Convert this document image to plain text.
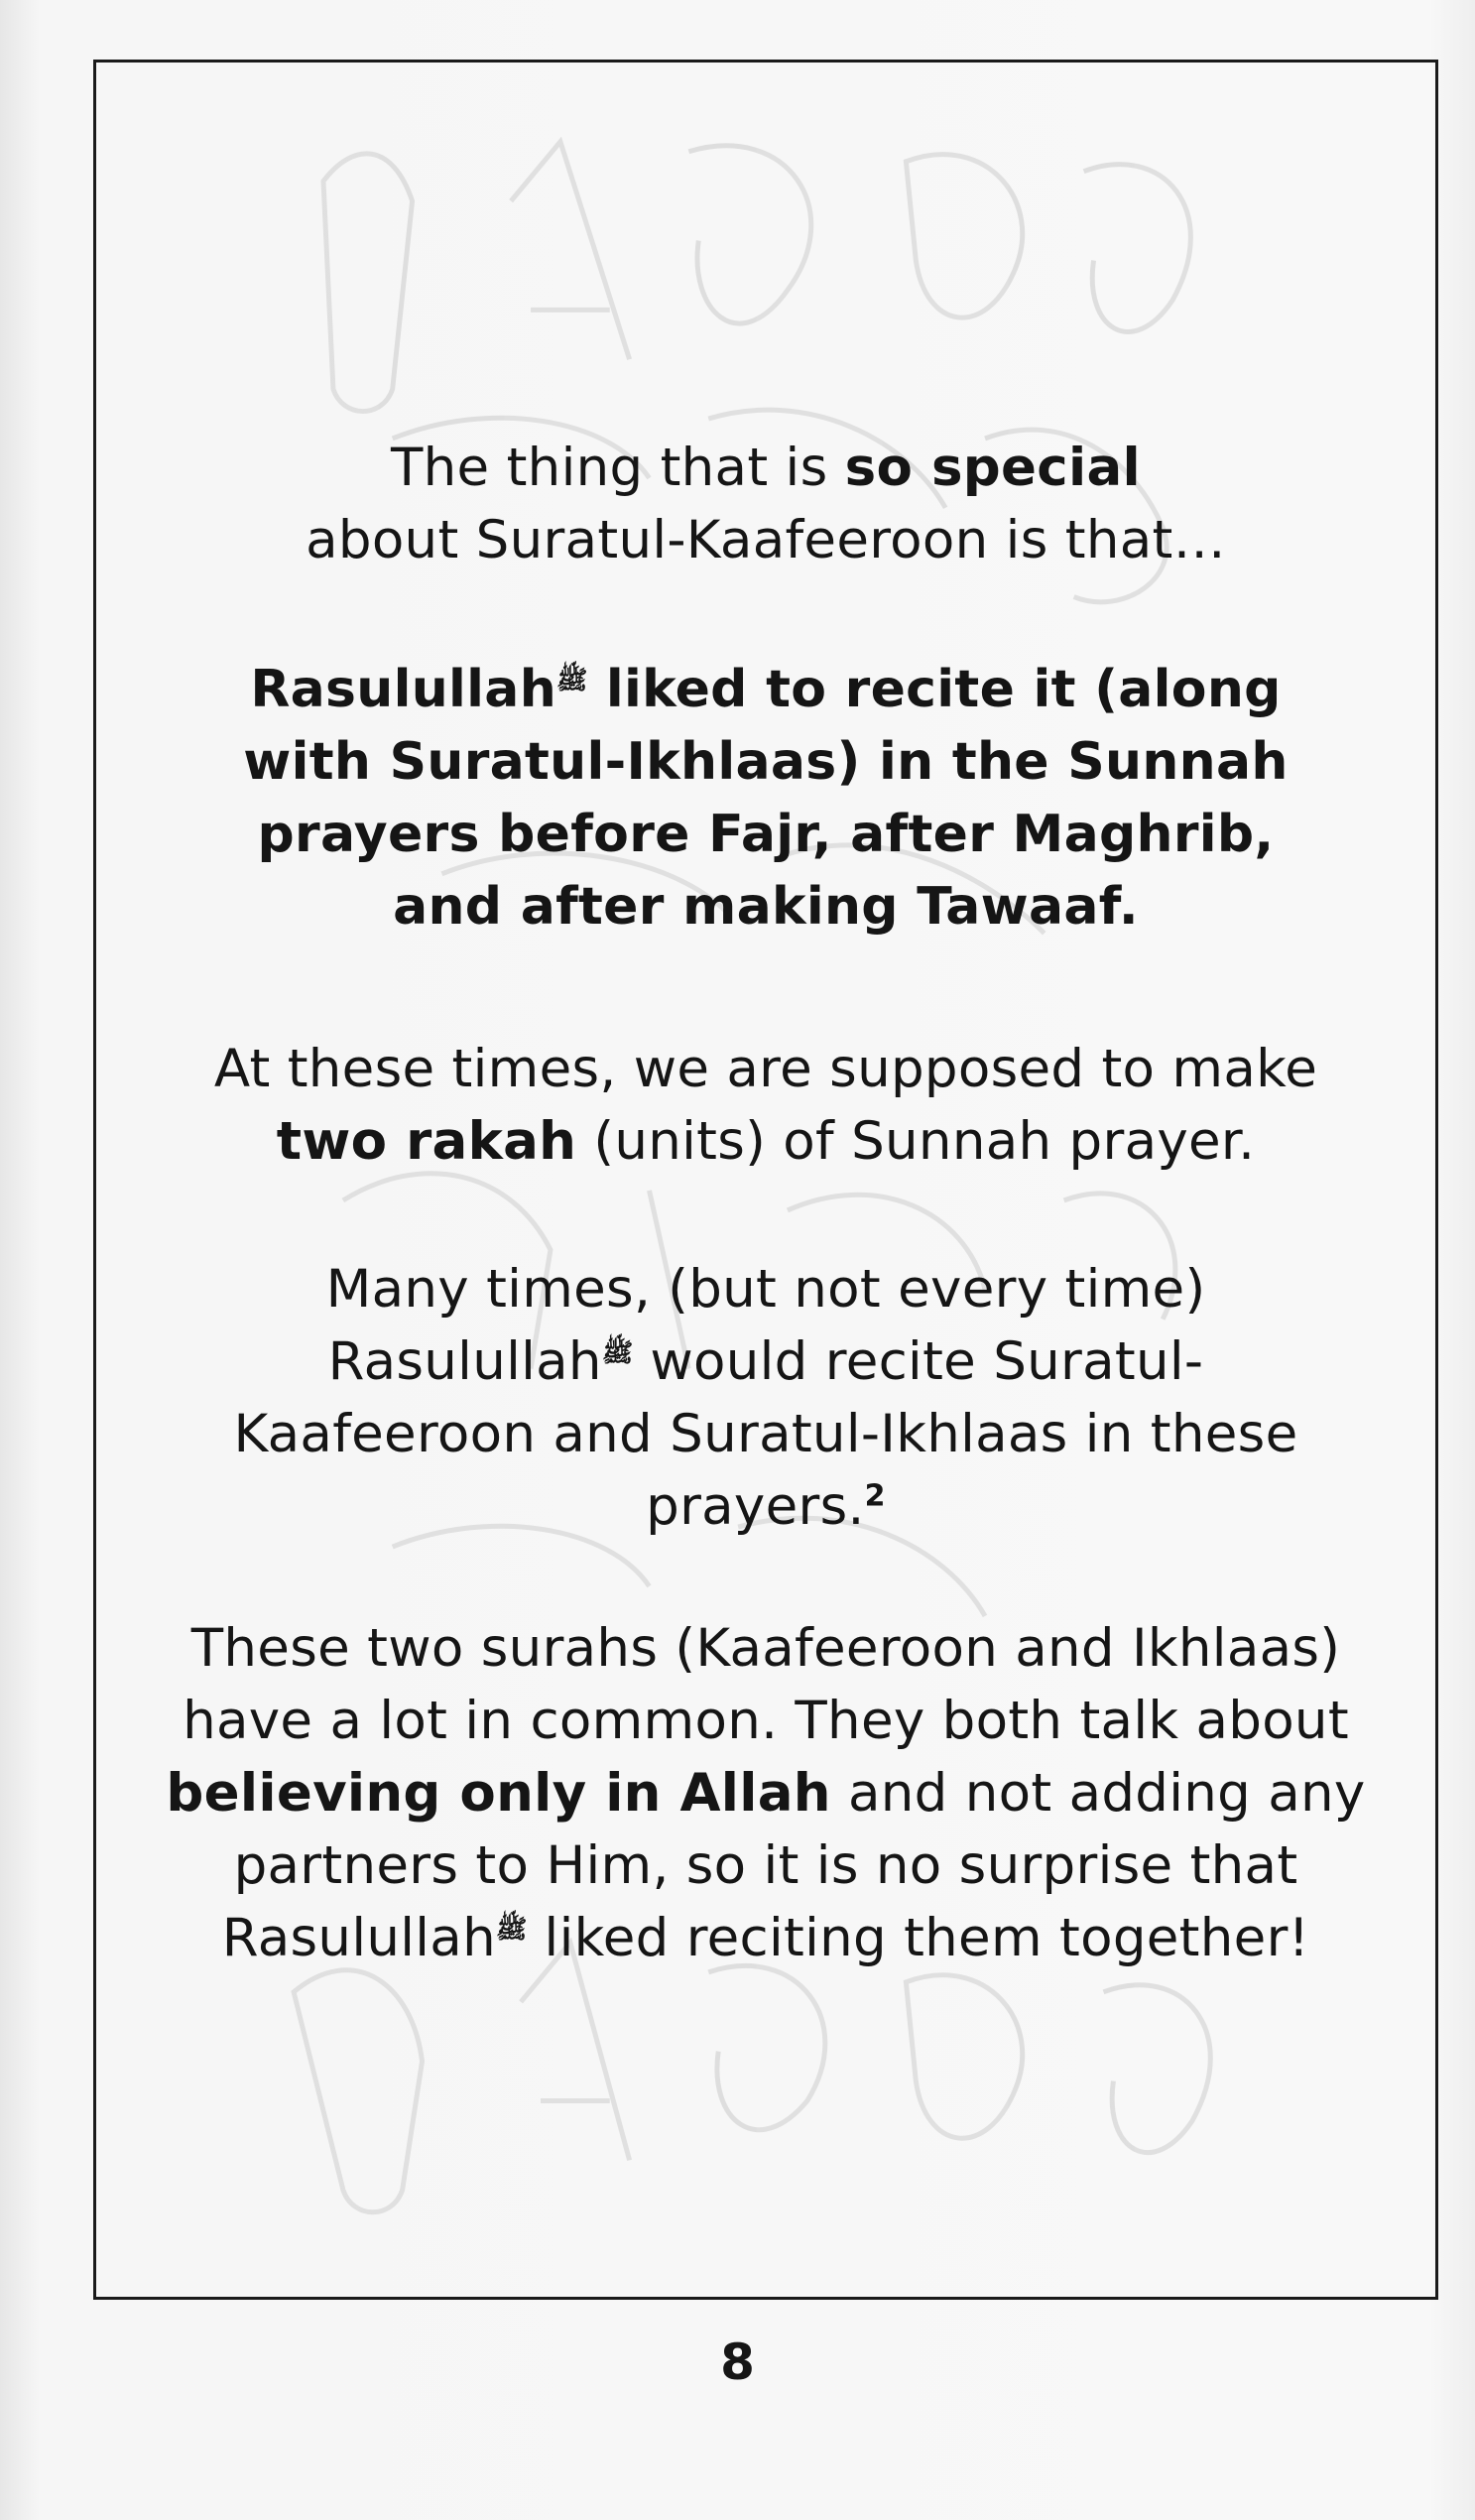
The thing that is so special
about Suratul-Kaafeeroon is that…
Rasulullahﷺ liked to recite it (along with Suratul-Ikhlaas) in the Sunnah prayers before Fajr, after Maghrib, and after making Tawaaf.
At these times, we are supposed to make two rakah (units) of Sunnah prayer.
Many times, (but not every time) Rasulullahﷺ would recite Suratul-Kaafeeroon and Suratul-Ikhlaas in these prayers.$^2$
These two surahs (Kaafeeroon and Ikhlaas) have a lot in common. They both talk about believing only in Allah and not adding any partners to Him, so it is no surprise that Rasulullahﷺ liked reciting them together!
8
